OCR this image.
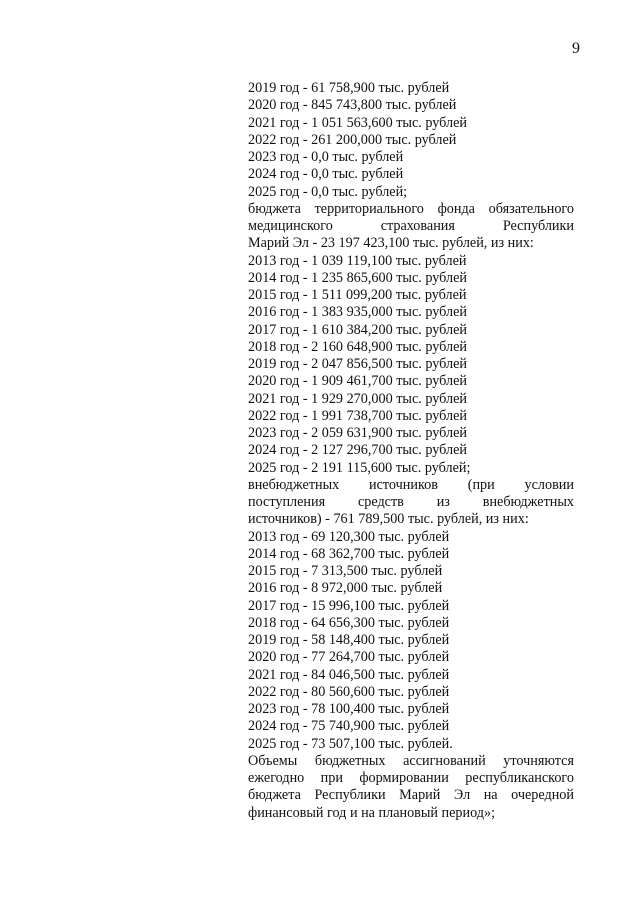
9
2019 год - 61 758,900 тыс. рублей
2020 год - 845 743,800 тыс. рублей
2021 год - 1 051 563,600 тыс. рублей
2022 год - 261 200,000 тыс. рублей
2023 год - 0,0 тыс. рублей
2024 год - 0,0 тыс. рублей
2025 год - 0,0 тыс. рублей;
бюджета территориального фонда обязательного
медицинского страхования Республики
Марий Эл - 23 197 423,100 тыс. рублей, из них:
2013 год - 1 039 119,100 тыс. рублей
2014 год - 1 235 865,600 тыс. рублей
2015 год - 1 511 099,200 тыс. рублей
2016 год - 1 383 935,000 тыс. рублей
2017 год - 1 610 384,200 тыс. рублей
2018 год - 2 160 648,900 тыс. рублей
2019 год - 2 047 856,500 тыс. рублей
2020 год - 1 909 461,700 тыс. рублей
2021 год - 1 929 270,000 тыс. рублей
2022 год - 1 991 738,700 тыс. рублей
2023 год - 2 059 631,900 тыс. рублей
2024 год - 2 127 296,700 тыс. рублей
2025 год - 2 191 115,600 тыс. рублей;
внебюджетных источников (при условии
поступления средств из внебюджетных
источников) - 761 789,500 тыс. рублей, из них:
2013 год - 69 120,300 тыс. рублей
2014 год - 68 362,700 тыс. рублей
2015 год - 7 313,500 тыс. рублей
2016 год - 8 972,000 тыс. рублей
2017 год - 15 996,100 тыс. рублей
2018 год - 64 656,300 тыс. рублей
2019 год - 58 148,400 тыс. рублей
2020 год - 77 264,700 тыс. рублей
2021 год - 84 046,500 тыс. рублей
2022 год - 80 560,600 тыс. рублей
2023 год - 78 100,400 тыс. рублей
2024 год - 75 740,900 тыс. рублей
2025 год - 73 507,100 тыс. рублей.
Объемы бюджетных ассигнований уточняются
ежегодно при формировании республиканского
бюджета Республики Марий Эл на очередной
финансовый год и на плановый период»;
